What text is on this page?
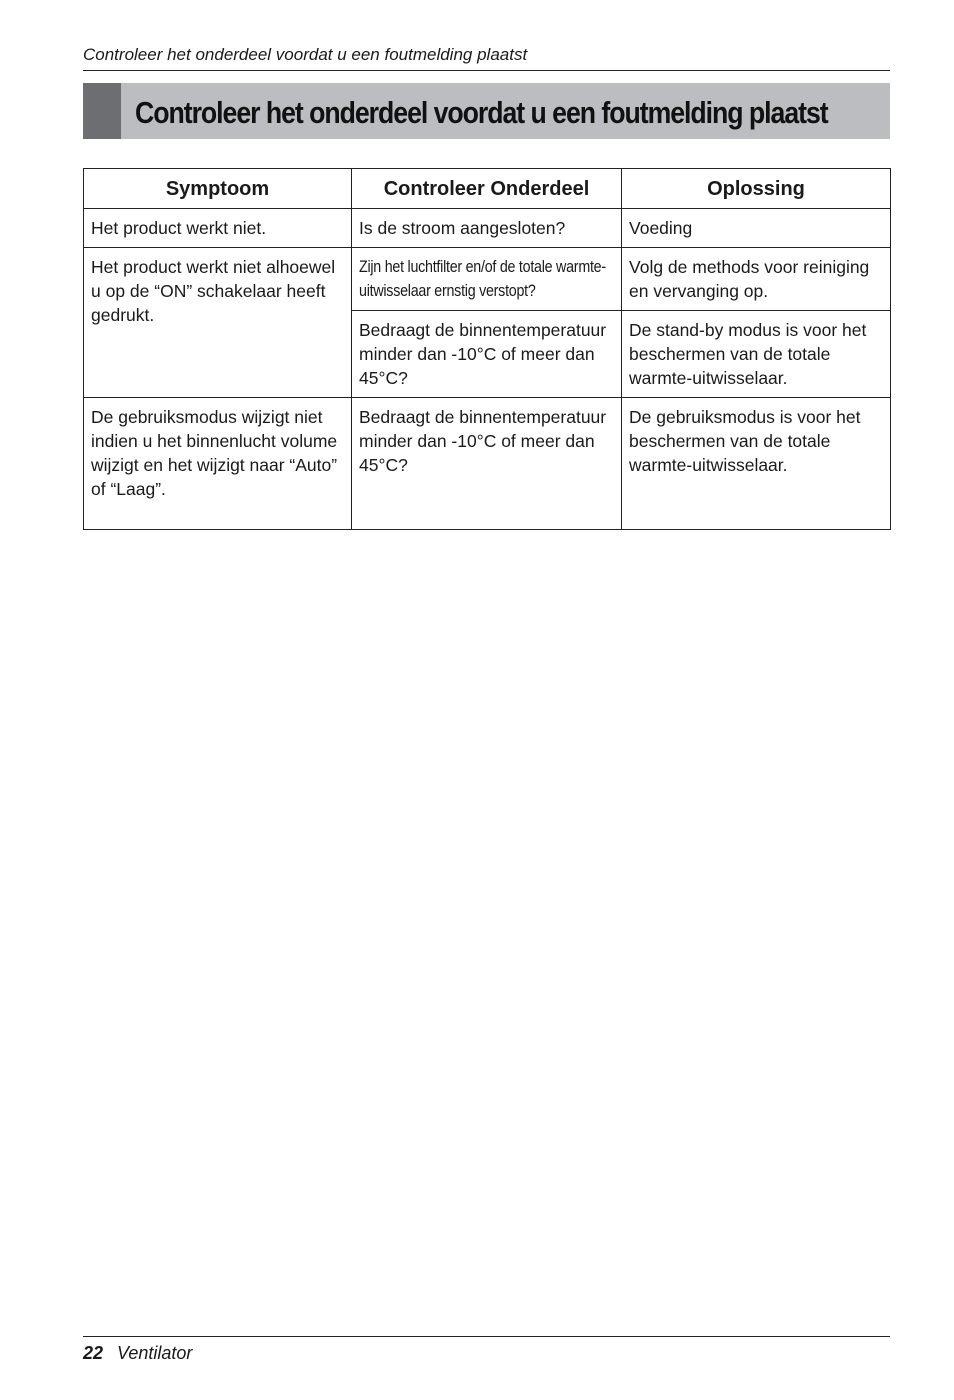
Controleer het onderdeel voordat u een foutmelding plaatst
Controleer het onderdeel voordat u een foutmelding plaatst
Symptoom	Controleer Onderdeel	Oplossing

Het product werkt niet.	Is de stroom aangesloten?	Voeding

Het product werkt niet alhoewel u op de “ON” schakelaar heeft gedrukt.	Zijn het luchtfilter en/of de totale warmte-uitwisselaar ernstig verstopt?	Volg de methods voor reiniging en vervanging op.

	Bedraagt de binnentemperatuur minder dan -10°C of meer dan 45°C?	De stand-by modus is voor het beschermen van de totale warmte-uitwisselaar.

De gebruiksmodus wijzigt niet indien u het binnenlucht volume wijzigt en het wijzigt naar “Auto” of “Laag”.	Bedraagt de binnentemperatuur minder dan -10°C of meer dan 45°C?	De gebruiksmodus is voor het beschermen van de totale warmte-uitwisselaar.
22 Ventilator
